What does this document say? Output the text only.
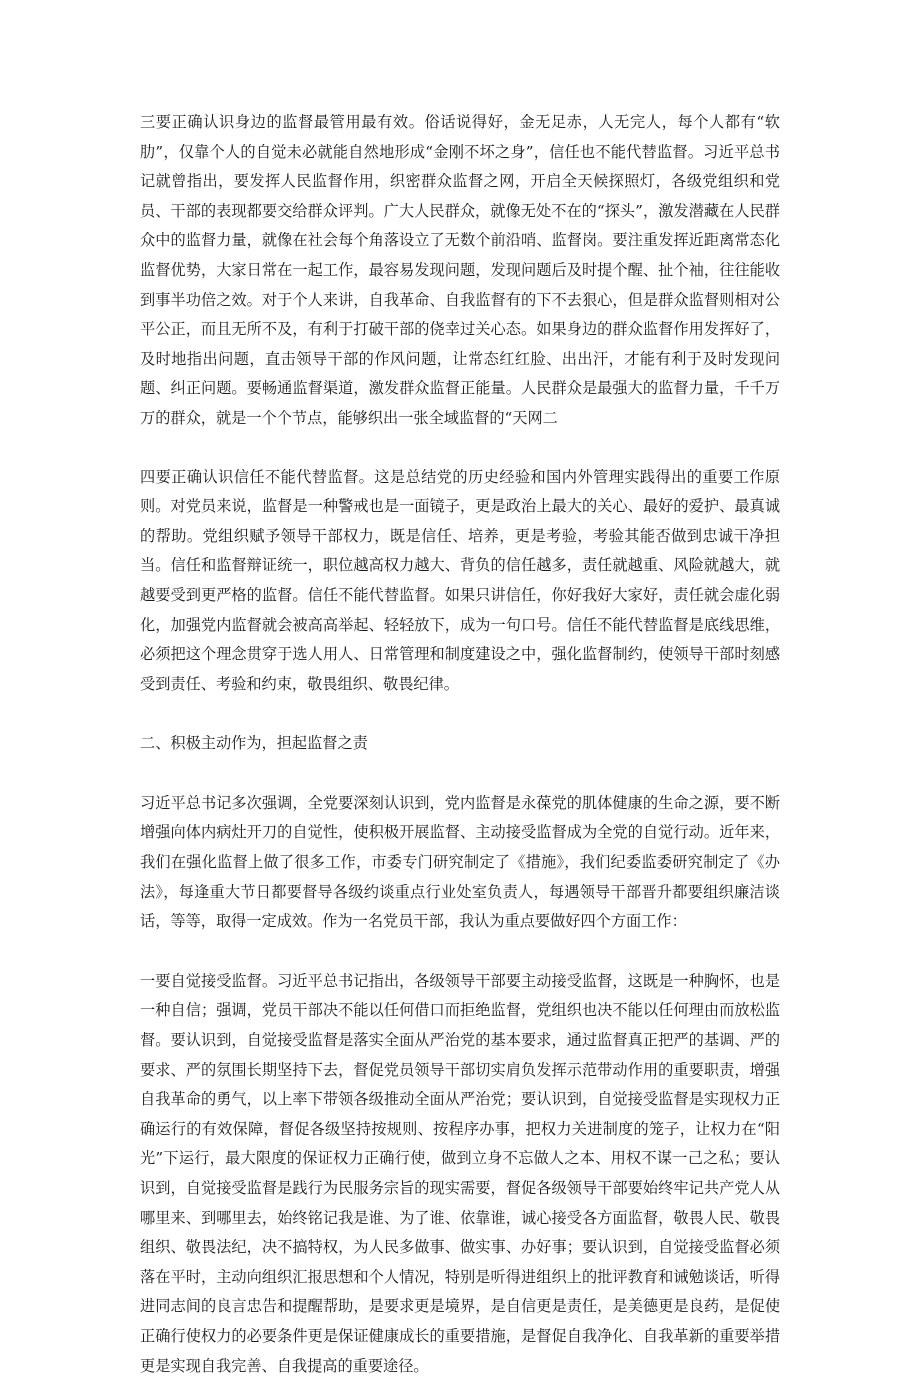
三要正确认识身边的监督最管用最有效。俗话说得好，金无足赤，人无完人，每个人都有“软肋”，仅靠个人的自觉未必就能自然地形成“金刚不坏之身”，信任也不能代替监督。习近平总书记就曾指出，要发挥人民监督作用，织密群众监督之网，开启全天候探照灯，各级党组织和党员、干部的表现都要交给群众评判。广大人民群众，就像无处不在的“探头”，激发潜藏在人民群众中的监督力量，就像在社会每个角落设立了无数个前沿哨、监督岗。要注重发挥近距离常态化监督优势，大家日常在一起工作，最容易发现问题，发现问题后及时提个醒、扯个袖，往往能收到事半功倍之效。对于个人来讲，自我革命、自我监督有的下不去狠心，但是群众监督则相对公平公正，而且无所不及，有利于打破干部的侥幸过关心态。如果身边的群众监督作用发挥好了，及时地指出问题，直击领导干部的作风问题，让常态红红脸、出出汗，才能有利于及时发现问题、纠正问题。要畅通监督渠道，激发群众监督正能量。人民群众是最强大的监督力量，千千万万的群众，就是一个个节点，能够织出一张全域监督的“天网二

四要正确认识信任不能代替监督。这是总结党的历史经验和国内外管理实践得出的重要工作原则。对党员来说，监督是一种警戒也是一面镜子，更是政治上最大的关心、最好的爱护、最真诚的帮助。党组织赋予领导干部权力，既是信任、培养，更是考验，考验其能否做到忠诚干净担当。信任和监督辩证统一，职位越高权力越大、背负的信任越多，责任就越重、风险就越大，就越要受到更严格的监督。信任不能代替监督。如果只讲信任，你好我好大家好，责任就会虚化弱化，加强党内监督就会被高高举起、轻轻放下，成为一句口号。信任不能代替监督是底线思维，必须把这个理念贯穿于选人用人、日常管理和制度建设之中，强化监督制约，使领导干部时刻感受到责任、考验和约束，敬畏组织、敬畏纪律。

二、积极主动作为，担起监督之责

习近平总书记多次强调，全党要深刻认识到，党内监督是永葆党的肌体健康的生命之源，要不断增强向体内病灶开刀的自觉性，使积极开展监督、主动接受监督成为全党的自觉行动。近年来，我们在强化监督上做了很多工作，市委专门研究制定了《措施》，我们纪委监委研究制定了《办法》，每逢重大节日都要督导各级约谈重点行业处室负责人，每遇领导干部晋升都要组织廉洁谈话，等等，取得一定成效。作为一名党员干部，我认为重点要做好四个方面工作：

一要自觉接受监督。习近平总书记指出，各级领导干部要主动接受监督，这既是一种胸怀，也是一种自信；强调，党员干部决不能以任何借口而拒绝监督，党组织也决不能以任何理由而放松监督。要认识到，自觉接受监督是落实全面从严治党的基本要求，通过监督真正把严的基调、严的要求、严的氛围长期坚持下去，督促党员领导干部切实肩负发挥示范带动作用的重要职责，增强自我革命的勇气，以上率下带领各级推动全面从严治党；要认识到，自觉接受监督是实现权力正确运行的有效保障，督促各级坚持按规则、按程序办事，把权力关进制度的笼子，让权力在“阳光”下运行，最大限度的保证权力正确行使，做到立身不忘做人之本、用权不谋一己之私；要认识到，自觉接受监督是践行为民服务宗旨的现实需要，督促各级领导干部要始终牢记共产党人从哪里来、到哪里去，始终铭记我是谁、为了谁、依靠谁，诚心接受各方面监督，敬畏人民、敬畏组织、敬畏法纪，决不搞特权，为人民多做事、做实事、办好事；要认识到，自觉接受监督必须落在平时，主动向组织汇报思想和个人情况，特别是听得进组织上的批评教育和诫勉谈话，听得进同志间的良言忠告和提醒帮助，是要求更是境界，是自信更是责任，是美德更是良药，是促使正确行使权力的必要条件更是保证健康成长的重要措施，是督促自我净化、自我革新的重要举措更是实现自我完善、自我提高的重要途径。
